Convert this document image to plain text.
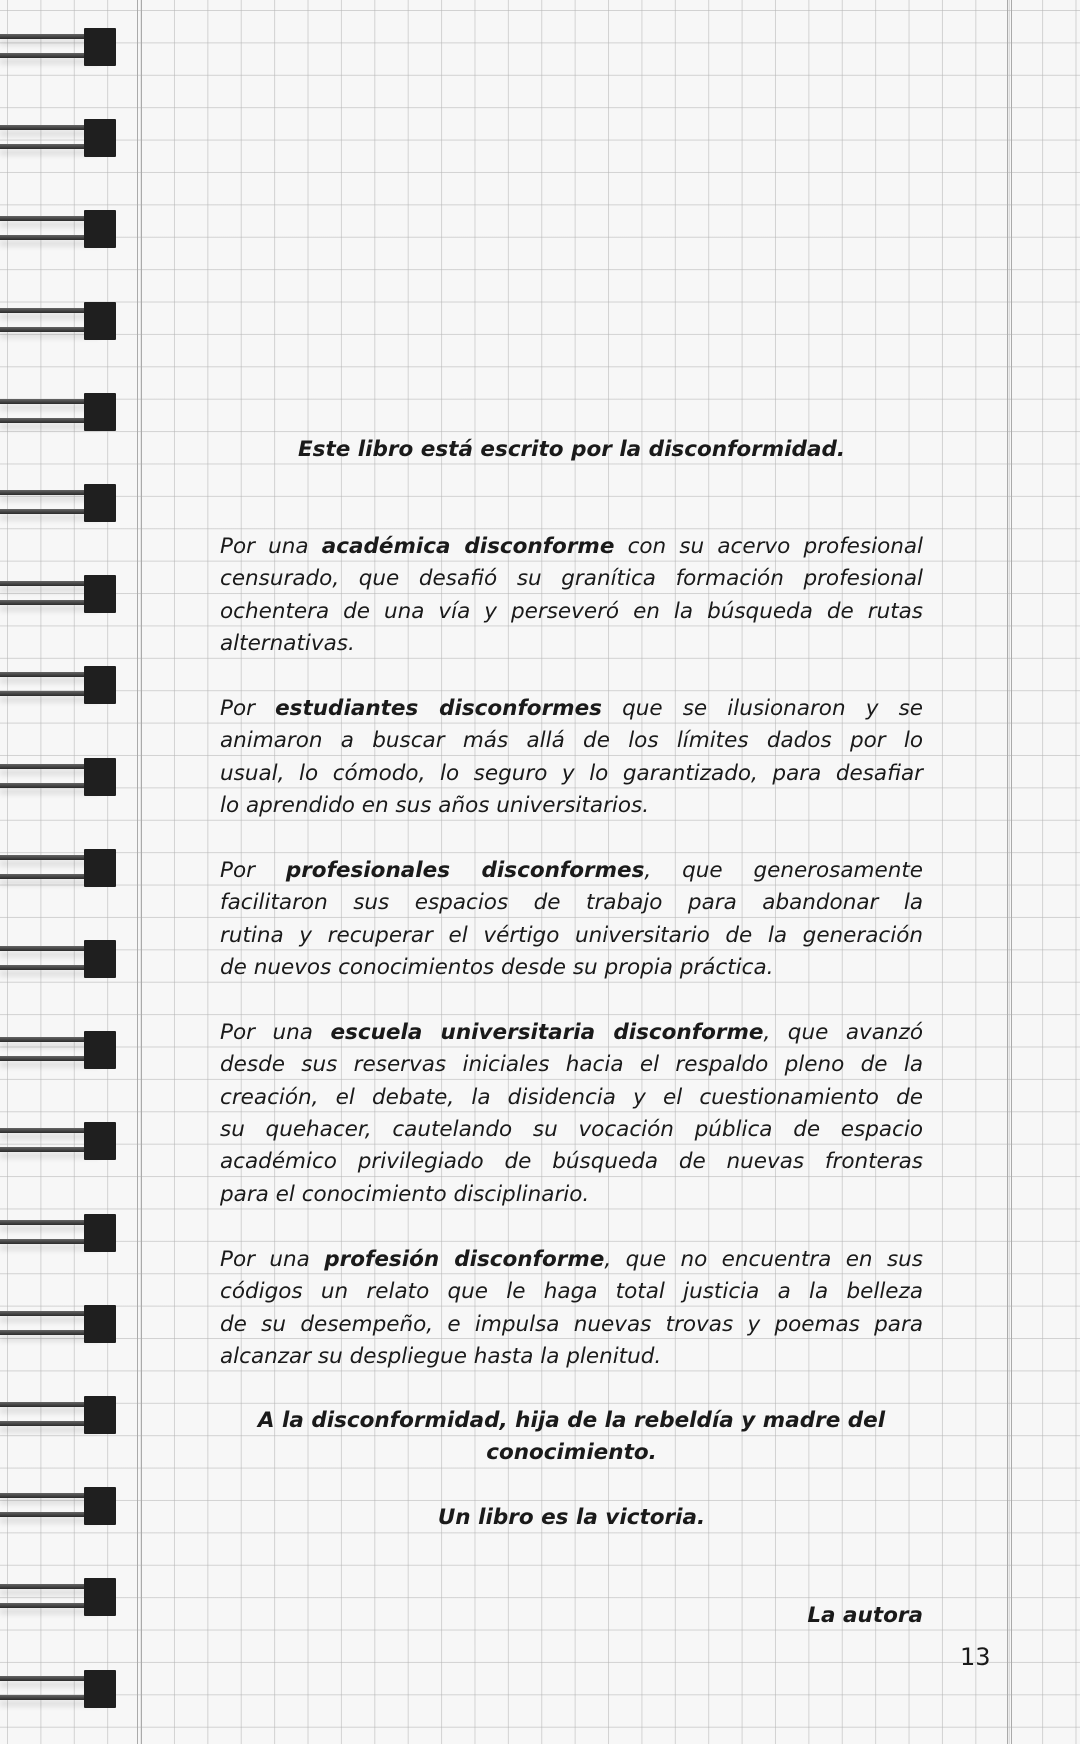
Este libro está escrito por la disconformidad.
Por una académica disconforme con su acervo profesional
censurado, que desafió su granítica formación profesional
ochentera de una vía y perseveró en la búsqueda de rutas
alternativas.
Por estudiantes disconformes que se ilusionaron y se
animaron a buscar más allá de los límites dados por lo
usual, lo cómodo, lo seguro y lo garantizado, para desafiar
lo aprendido en sus años universitarios.
Por profesionales disconformes, que generosamente
facilitaron sus espacios de trabajo para abandonar la
rutina y recuperar el vértigo universitario de la generación
de nuevos conocimientos desde su propia práctica.
Por una escuela universitaria disconforme, que avanzó
desde sus reservas iniciales hacia el respaldo pleno de la
creación, el debate, la disidencia y el cuestionamiento de
su quehacer, cautelando su vocación pública de espacio
académico privilegiado de búsqueda de nuevas fronteras
para el conocimiento disciplinario.
Por una profesión disconforme, que no encuentra en sus
códigos un relato que le haga total justicia a la belleza
de su desempeño, e impulsa nuevas trovas y poemas para
alcanzar su despliegue hasta la plenitud.
A la disconformidad, hija de la rebeldía y madre del
conocimiento.
Un libro es la victoria.
La autora
13
